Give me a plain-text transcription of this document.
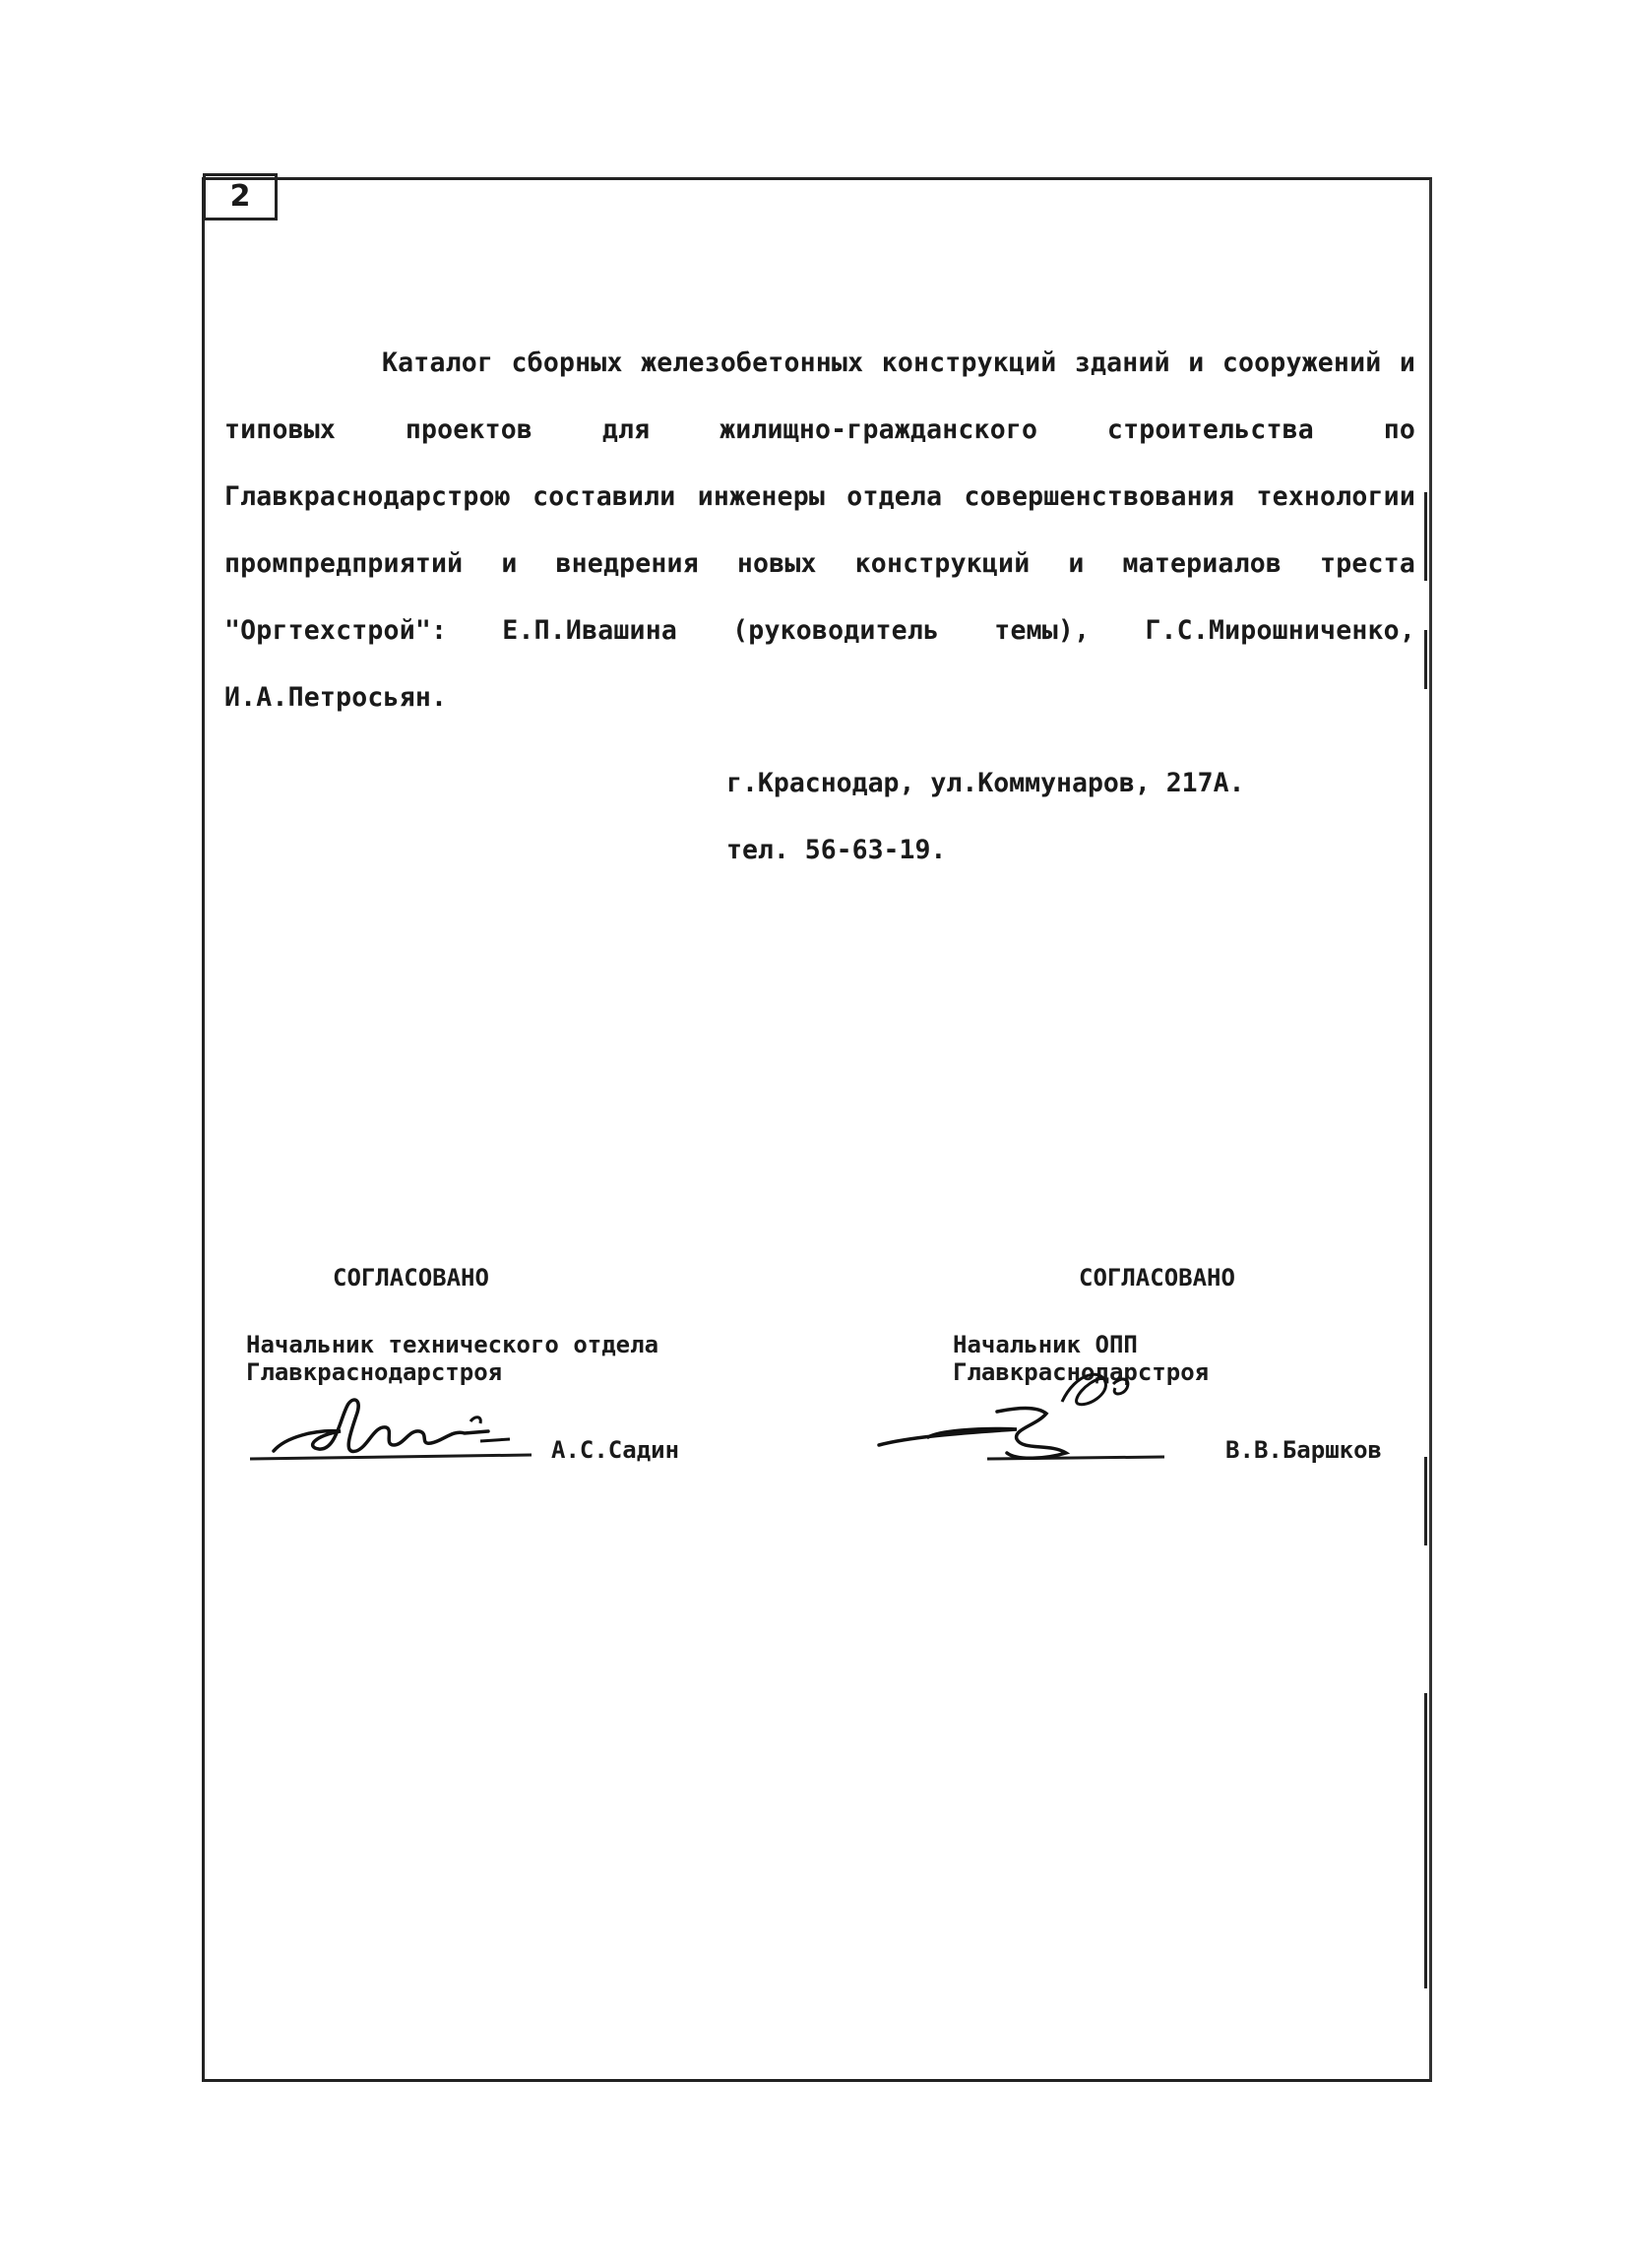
2

Каталог сборных железобетонных конструкций зданий и сооружений и типовых проектов для жилищно-гражданского строительства по Главкраснодарстрою составили инженеры отдела совершенствования технологии промпредприятий и внедрения новых конструкций и материалов треста "Оргтехстрой": Е.П.Ивашина (руководитель темы), Г.С.Мирошниченко, И.А.Петросьян.

г.Краснодар, ул.Коммунаров, 217А.
тел. 56-63-19.
СОГЛАСОВАНО
Начальник технического отдела
Главкраснодарстроя
А.С.Садин
СОГЛАСОВАНО
Начальник ОПП
Главкраснодарстроя
В.В.Баршков
